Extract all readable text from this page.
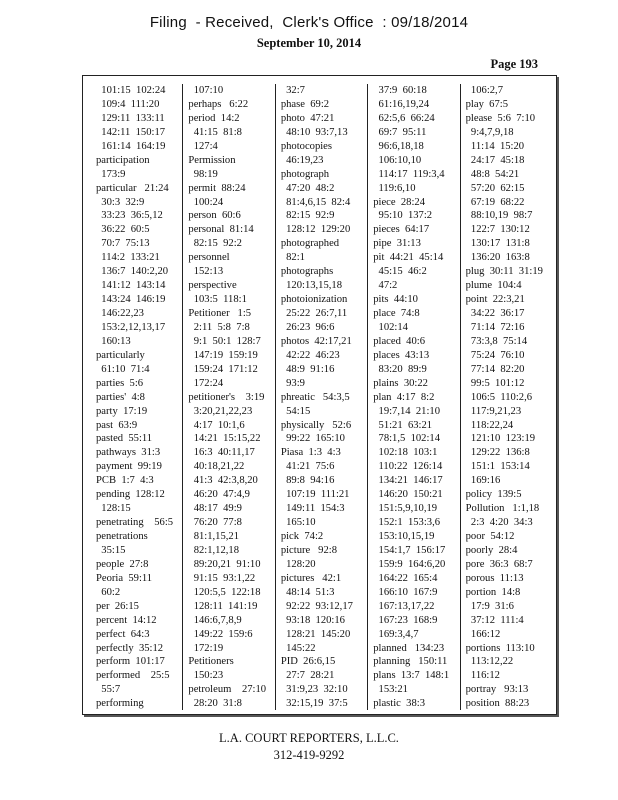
Filing  - Received,  Clerk's Office  : 09/18/2014
September 10, 2014
Page 193
101:15  102:24
109:4  111:20
129:11  133:11
142:11  150:17
161:14  164:19
participation
173:9
particular   21:24
30:3  32:9
33:23  36:5,12
36:22  60:5
70:7  75:13
114:2  133:21
136:7  140:2,20
141:12  143:14
143:24  146:19
146:22,23
153:2,12,13,17
160:13
particularly
61:10  71:4
parties  5:6
parties'  4:8
party  17:19
past  63:9
pasted  55:11
pathways  31:3
payment  99:19
PCB  1:7  4:3
pending  128:12
128:15
penetrating    56:5
penetrations
35:15
people  27:8
Peoria  59:11
60:2
per  26:15
percent  14:12
perfect  64:3
perfectly  35:12
perform  101:17
performed    25:5
55:7
performing
107:10
perhaps   6:22
period  14:2
41:15  81:8
127:4
Permission
98:19
permit  88:24
100:24
person  60:6
personal  81:14
82:15  92:2
personnel
152:13
perspective
103:5  118:1
Petitioner   1:5
2:11  5:8  7:8
9:1  50:1  128:7
147:19  159:19
159:24  171:12
172:24
petitioner's    3:19
3:20,21,22,23
4:17  10:1,6
14:21  15:15,22
16:3  40:11,17
40:18,21,22
41:3  42:3,8,20
46:20  47:4,9
48:17  49:9
76:20  77:8
81:1,15,21
82:1,12,18
89:20,21  91:10
91:15  93:1,22
120:5,5  122:18
128:11  141:19
146:6,7,8,9
149:22  159:6
172:19
Petitioners
150:23
petroleum    27:10
28:20  31:8
32:7
phase  69:2
photo  47:21
48:10  93:7,13
photocopies
46:19,23
photograph
47:20  48:2
81:4,6,15  82:4
82:15  92:9
128:12  129:20
photographed
82:1
photographs
120:13,15,18
photoionization
25:22  26:7,11
26:23  96:6
photos  42:17,21
42:22  46:23
48:9  91:16
93:9
phreatic   54:3,5
54:15
physically   52:6
99:22  165:10
Piasa  1:3  4:3
41:21  75:6
89:8  94:16
107:19  111:21
149:11  154:3
165:10
pick  74:2
picture   92:8
128:20
pictures   42:1
48:14  51:3
92:22  93:12,17
93:18  120:16
128:21  145:20
145:22
PID  26:6,15
27:7  28:21
31:9,23  32:10
32:15,19  37:5
37:9  60:18
61:16,19,24
62:5,6  66:24
69:7  95:11
96:6,18,18
106:10,10
114:17  119:3,4
119:6,10
piece  28:24
95:10  137:2
pieces  64:17
pipe  31:13
pit  44:21  45:14
45:15  46:2
47:2
pits  44:10
place  74:8
102:14
placed  40:6
places  43:13
83:20  89:9
plains  30:22
plan  4:17  8:2
19:7,14  21:10
51:21  63:21
78:1,5  102:14
102:18  103:1
110:22  126:14
134:21  146:17
146:20  150:21
151:5,9,10,19
152:1  153:3,6
153:10,15,19
154:1,7  156:17
159:9  164:6,20
164:22  165:4
166:10  167:9
167:13,17,22
167:23  168:9
169:3,4,7
planned   134:23
planning   150:11
plans  13:7  148:1
153:21
plastic  38:3
106:2,7
play  67:5
please  5:6  7:10
9:4,7,9,18
11:14  15:20
24:17  45:18
48:8  54:21
57:20  62:15
67:19  68:22
88:10,19  98:7
122:7  130:12
130:17  131:8
136:20  163:8
plug  30:11  31:19
plume  104:4
point  22:3,21
34:22  36:17
71:14  72:16
73:3,8  75:14
75:24  76:10
77:14  82:20
99:5  101:12
106:5  110:2,6
117:9,21,23
118:22,24
121:10  123:19
129:22  136:8
151:1  153:14
169:16
policy  139:5
Pollution   1:1,18
2:3  4:20  34:3
poor  54:12
poorly  28:4
pore  36:3  68:7
porous  11:13
portion  14:8
17:9  31:6
37:12  111:4
166:12
portions  113:10
113:12,22
116:12
portray   93:13
position  88:23
L.A. COURT REPORTERS, L.L.C.
312-419-9292
